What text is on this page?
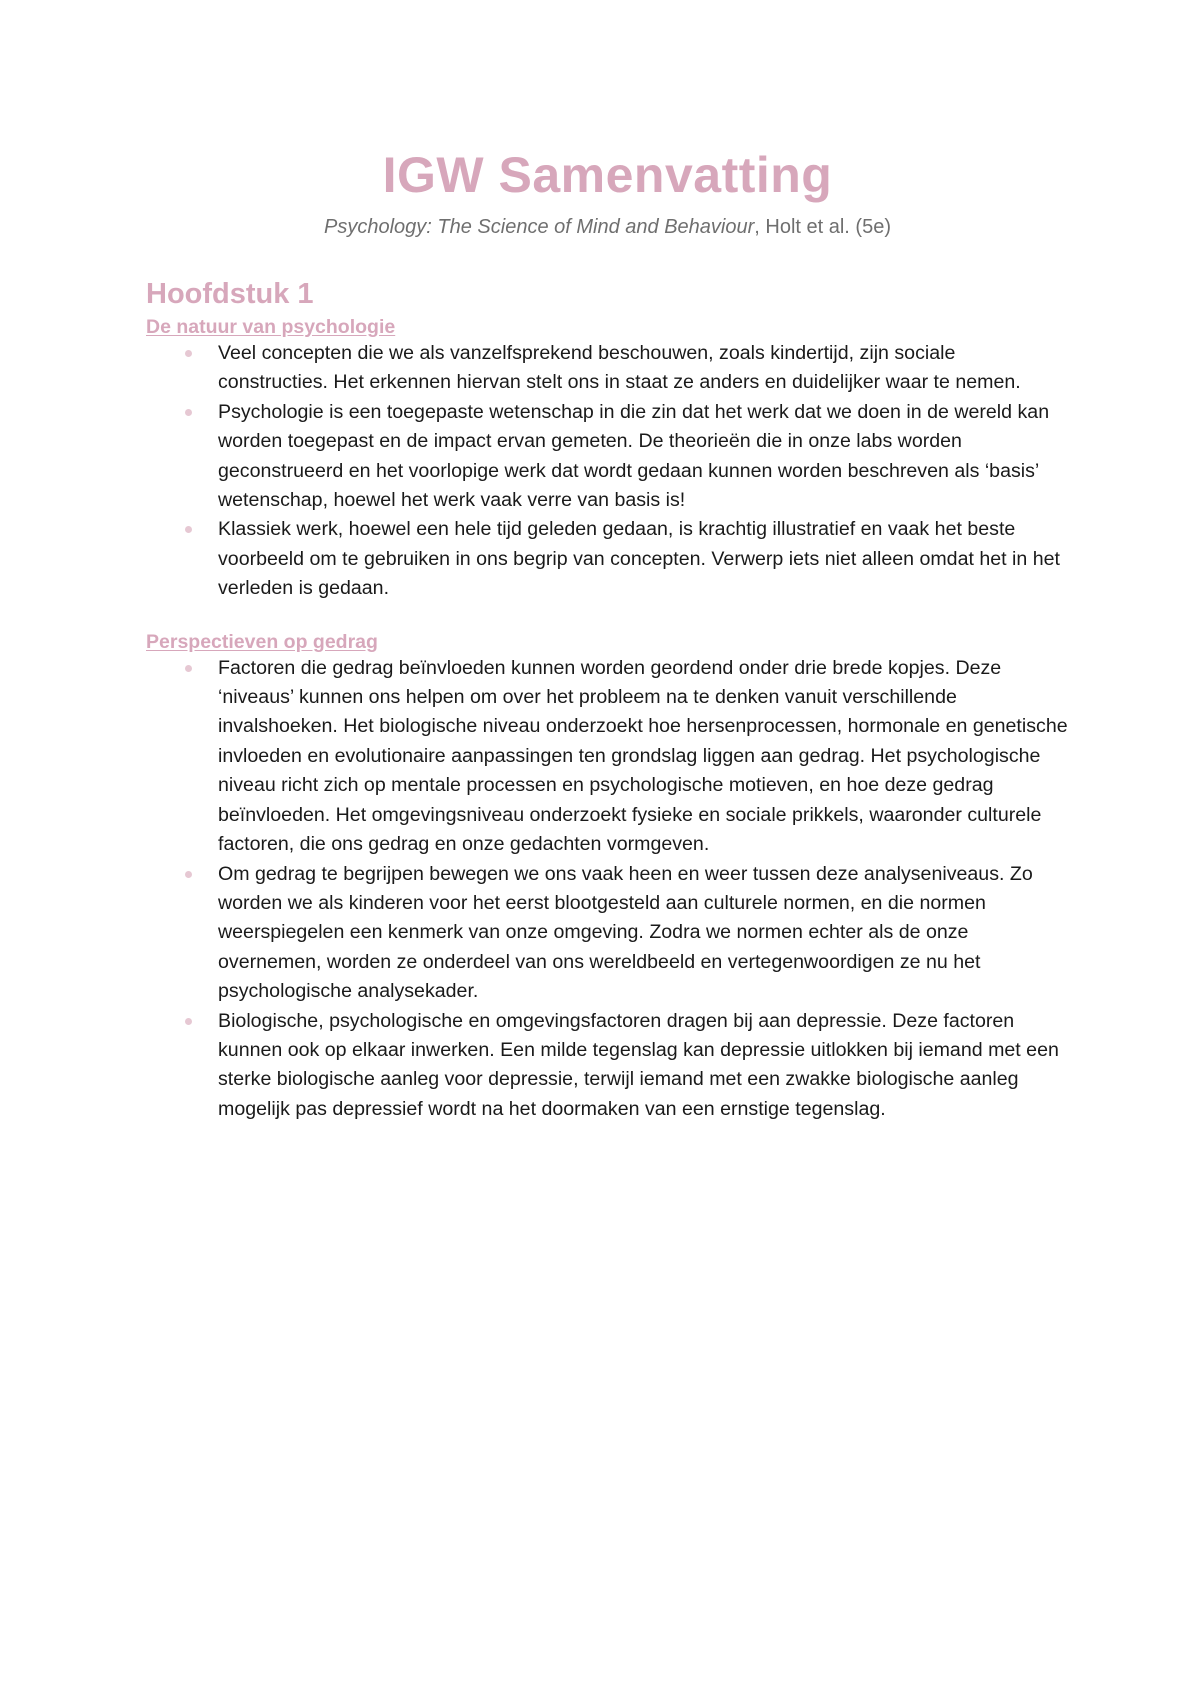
IGW Samenvatting

Psychology: The Science of Mind and Behaviour, Holt et al. (5e)

Hoofdstuk 1
De natuur van psychologie
Veel concepten die we als vanzelfsprekend beschouwen, zoals kindertijd, zijn sociale constructies. Het erkennen hiervan stelt ons in staat ze anders en duidelijker waar te nemen.
Psychologie is een toegepaste wetenschap in die zin dat het werk dat we doen in de wereld kan worden toegepast en de impact ervan gemeten. De theorieën die in onze labs worden geconstrueerd en het voorlopige werk dat wordt gedaan kunnen worden beschreven als ‘basis’ wetenschap, hoewel het werk vaak verre van basis is!
Klassiek werk, hoewel een hele tijd geleden gedaan, is krachtig illustratief en vaak het beste voorbeeld om te gebruiken in ons begrip van concepten. Verwerp iets niet alleen omdat het in het verleden is gedaan.
Perspectieven op gedrag
Factoren die gedrag beïnvloeden kunnen worden geordend onder drie brede kopjes. Deze ‘niveaus’ kunnen ons helpen om over het probleem na te denken vanuit verschillende invalshoeken. Het biologische niveau onderzoekt hoe hersenprocessen, hormonale en genetische invloeden en evolutionaire aanpassingen ten grondslag liggen aan gedrag. Het psychologische niveau richt zich op mentale processen en psychologische motieven, en hoe deze gedrag beïnvloeden. Het omgevingsniveau onderzoekt fysieke en sociale prikkels, waaronder culturele factoren, die ons gedrag en onze gedachten vormgeven.
Om gedrag te begrijpen bewegen we ons vaak heen en weer tussen deze analyseniveaus. Zo worden we als kinderen voor het eerst blootgesteld aan culturele normen, en die normen weerspiegelen een kenmerk van onze omgeving. Zodra we normen echter als de onze overnemen, worden ze onderdeel van ons wereldbeeld en vertegenwoordigen ze nu het psychologische analysekader.
Biologische, psychologische en omgevingsfactoren dragen bij aan depressie. Deze factoren kunnen ook op elkaar inwerken. Een milde tegenslag kan depressie uitlokken bij iemand met een sterke biologische aanleg voor depressie, terwijl iemand met een zwakke biologische aanleg mogelijk pas depressief wordt na het doormaken van een ernstige tegenslag.
